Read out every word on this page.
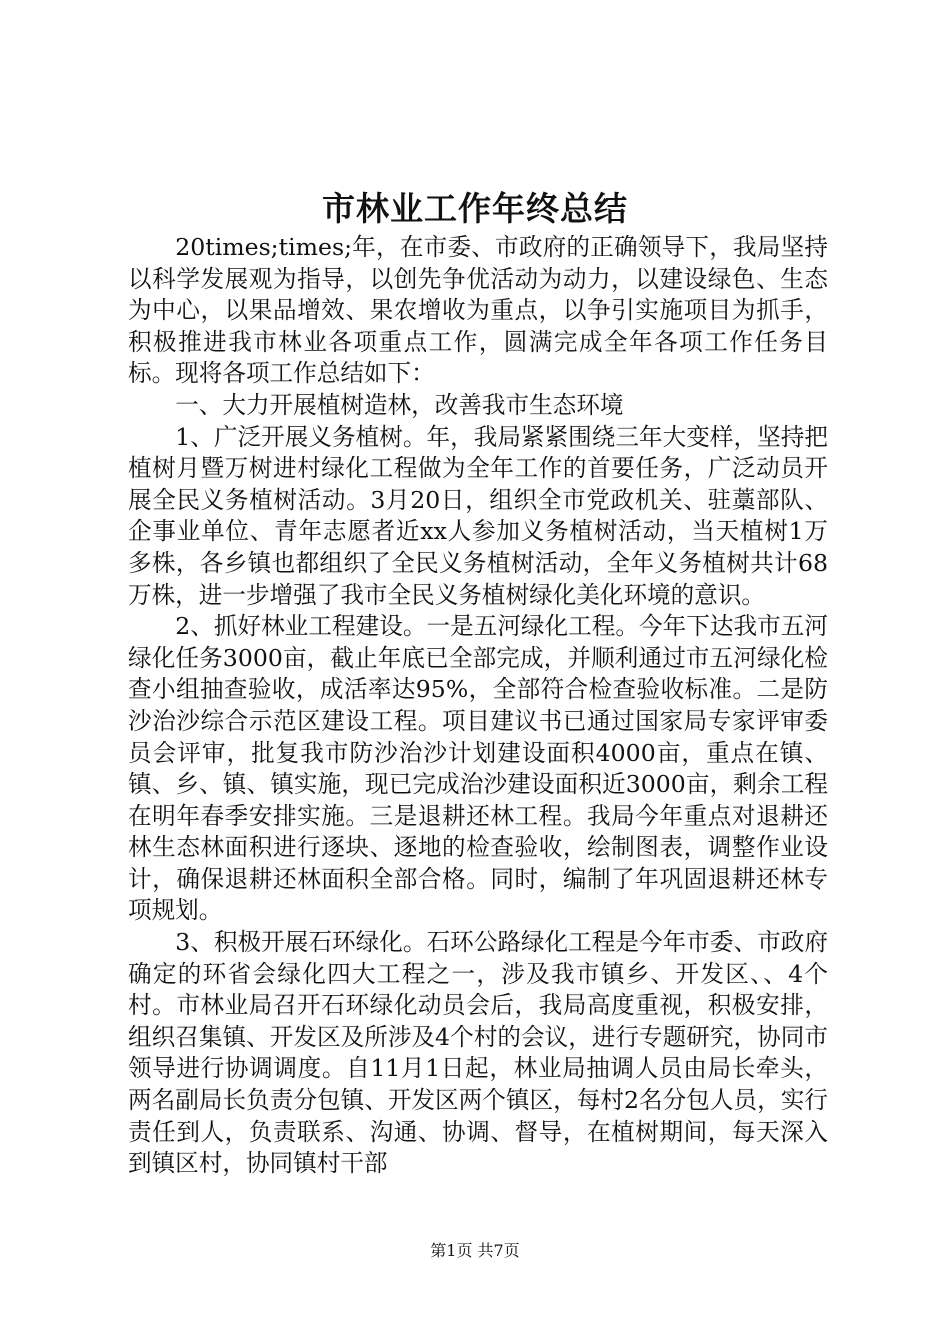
市林业工作年终总结

20times;times;年，在市委、市政府的正确领导下，我局坚持以科学发展观为指导，以创先争优活动为动力，以建设绿色、生态为中心，以果品增效、果农增收为重点，以争引实施项目为抓手，积极推进我市林业各项重点工作，圆满完成全年各项工作任务目标。现将各项工作总结如下：

一、大力开展植树造林，改善我市生态环境

1、广泛开展义务植树。年，我局紧紧围绕三年大变样，坚持把植树月暨万树进村绿化工程做为全年工作的首要任务，广泛动员开展全民义务植树活动。3月20日，组织全市党政机关、驻藁部队、企事业单位、青年志愿者近xx人参加义务植树活动，当天植树1万多株，各乡镇也都组织了全民义务植树活动，全年义务植树共计68万株，进一步增强了我市全民义务植树绿化美化环境的意识。

2、抓好林业工程建设。一是五河绿化工程。今年下达我市五河绿化任务3000亩，截止年底已全部完成，并顺利通过市五河绿化检查小组抽查验收，成活率达95%，全部符合检查验收标准。二是防沙治沙综合示范区建设工程。项目建议书已通过国家局专家评审委员会评审，批复我市防沙治沙计划建设面积4000亩，重点在镇、镇、乡、镇、镇实施，现已完成治沙建设面积近3000亩，剩余工程在明年春季安排实施。三是退耕还林工程。我局今年重点对退耕还林生态林面积进行逐块、逐地的检查验收，绘制图表，调整作业设计，确保退耕还林面积全部合格。同时，编制了年巩固退耕还林专项规划。

3、积极开展石环绿化。石环公路绿化工程是今年市委、市政府确定的环省会绿化四大工程之一，涉及我市镇乡、开发区、、4个村。市林业局召开石环绿化动员会后，我局高度重视，积极安排，组织召集镇、开发区及所涉及4个村的会议，进行专题研究，协同市领导进行协调调度。自11月1日起，林业局抽调人员由局长牵头，两名副局长负责分包镇、开发区两个镇区，每村2名分包人员，实行责任到人，负责联系、沟通、协调、督导，在植树期间，每天深入到镇区村，协同镇村干部

第1页 共7页
